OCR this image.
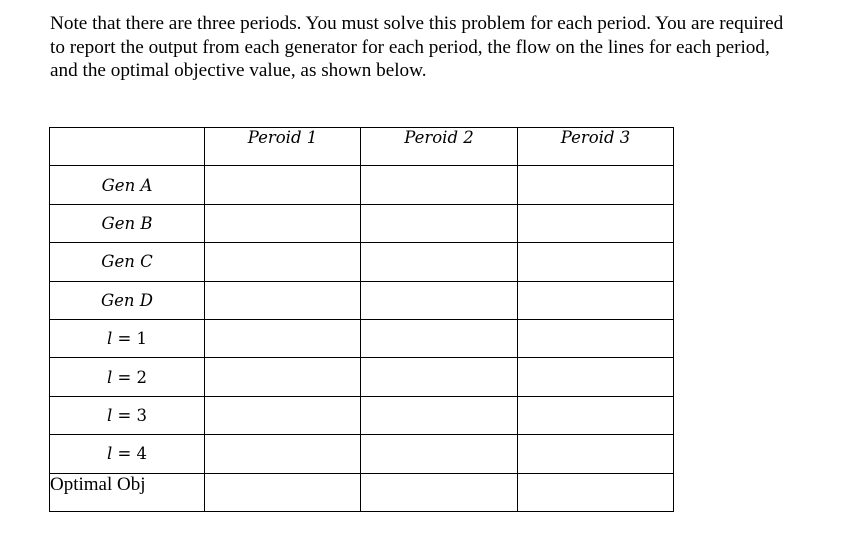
Note that there are three periods. You must solve this problem for each period. You are required
to report the output from each generator for each period, the flow on the lines for each period,
and the optimal objective value, as shown below.

	Peroid 1	Peroid 2	Peroid 3
Gen A			
Gen B			
Gen C			
Gen D			
l = 1			
l = 2			
l = 3			
l = 4			
Optimal Obj			
